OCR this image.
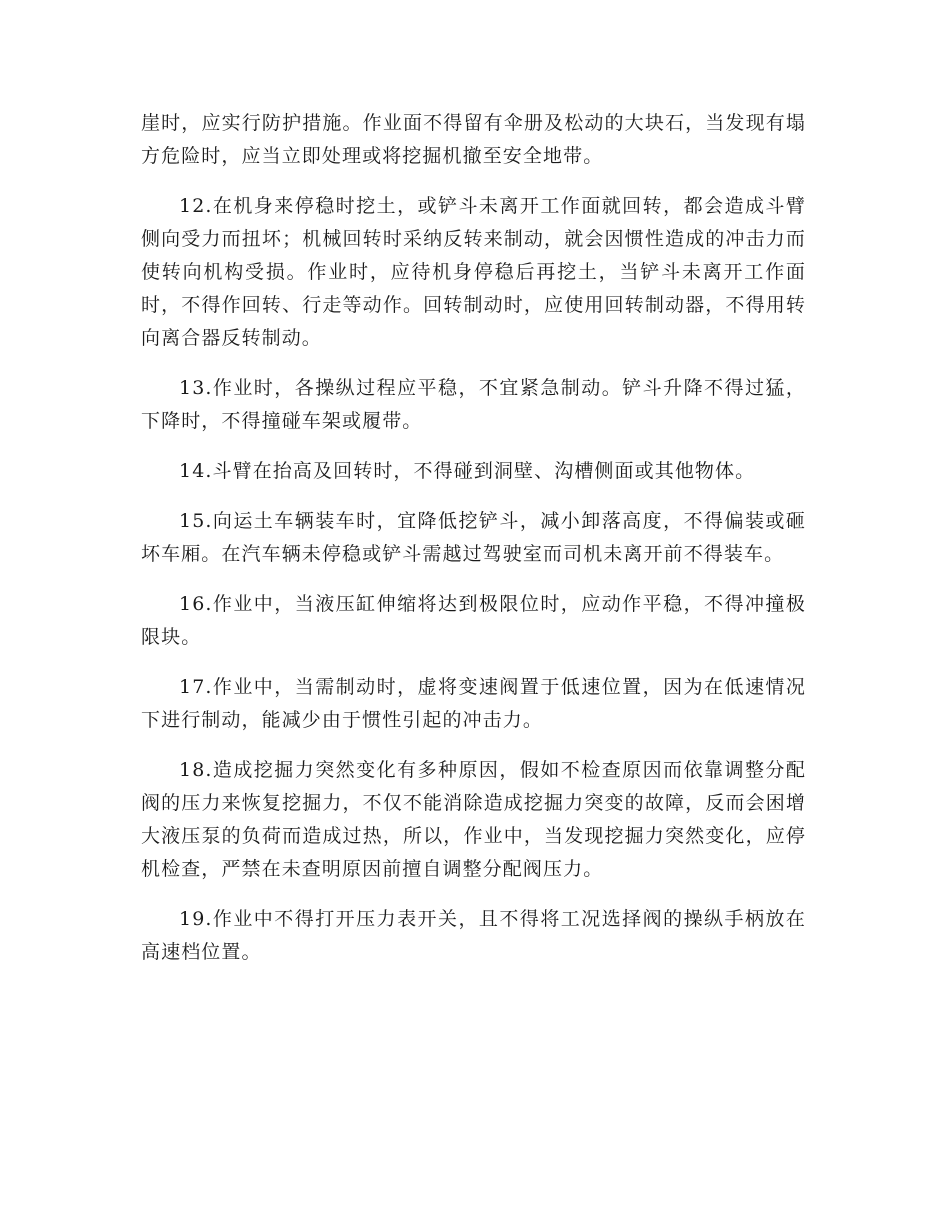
崖时，应实行防护措施。作业面不得留有伞册及松动的大块石，当发现有塌方危险时，应当立即处理或将挖掘机撤至安全地带。

12.在机身来停稳时挖土，或铲斗未离开工作面就回转，都会造成斗臂侧向受力而扭坏；机械回转时采纳反转来制动，就会因惯性造成的冲击力而使转向机构受损。作业时，应待机身停稳后再挖土，当铲斗未离开工作面时，不得作回转、行走等动作。回转制动时，应使用回转制动器，不得用转向离合器反转制动。

13.作业时，各操纵过程应平稳，不宜紧急制动。铲斗升降不得过猛，下降时，不得撞碰车架或履带。

14.斗臂在抬高及回转时，不得碰到洞壁、沟槽侧面或其他物体。

15.向运土车辆装车时，宜降低挖铲斗，减小卸落高度，不得偏装或砸坏车厢。在汽车辆未停稳或铲斗需越过驾驶室而司机未离开前不得装车。

16.作业中，当液压缸伸缩将达到极限位时，应动作平稳，不得冲撞极限块。

17.作业中，当需制动时，虚将变速阀置于低速位置，因为在低速情况下进行制动，能减少由于惯性引起的冲击力。

18.造成挖掘力突然变化有多种原因，假如不检查原因而依靠调整分配阀的压力来恢复挖掘力，不仅不能消除造成挖掘力突变的故障，反而会困增大液压泵的负荷而造成过热，所以，作业中，当发现挖掘力突然变化，应停机检查，严禁在未查明原因前擅自调整分配阀压力。

19.作业中不得打开压力表开关，且不得将工况选择阀的操纵手柄放在高速档位置。
